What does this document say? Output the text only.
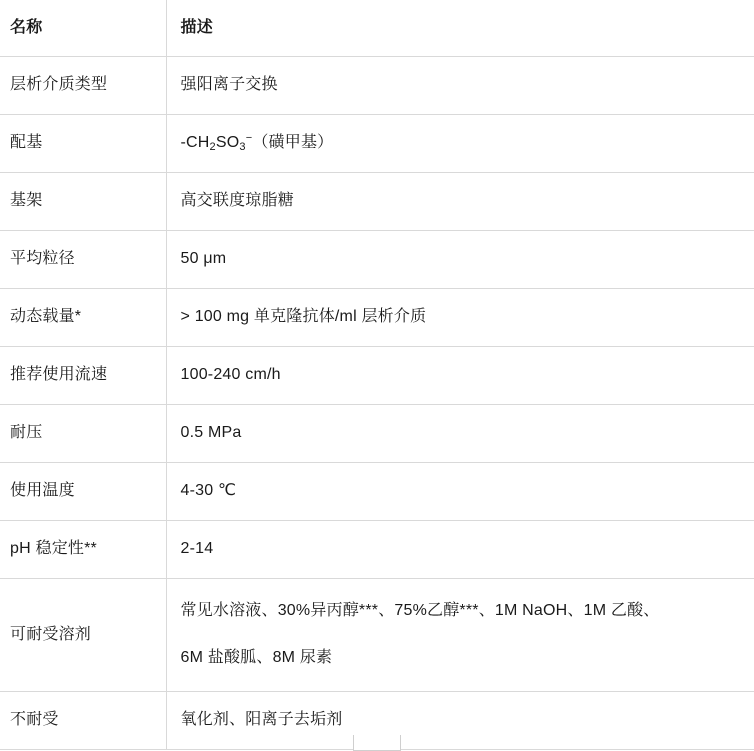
名称	描述
层析介质类型	强阳离子交换
配基	$-CH_2SO_3^-$（磺甲基）
基架	高交联度琼脂糖
平均粒径	50 μm
动态载量*	> 100 mg 单克隆抗体/ml 层析介质
推荐使用流速	100-240 cm/h
耐压	0.5 MPa
使用温度	4-30 ℃
pH 稳定性**	2-14
可耐受溶剂	常见水溶液、30%异丙醇***、75%乙醇***、1M NaOH、1M 乙酸、
6M 盐酸胍、8M 尿素

不耐受	氧化剂、阳离子去垢剂
